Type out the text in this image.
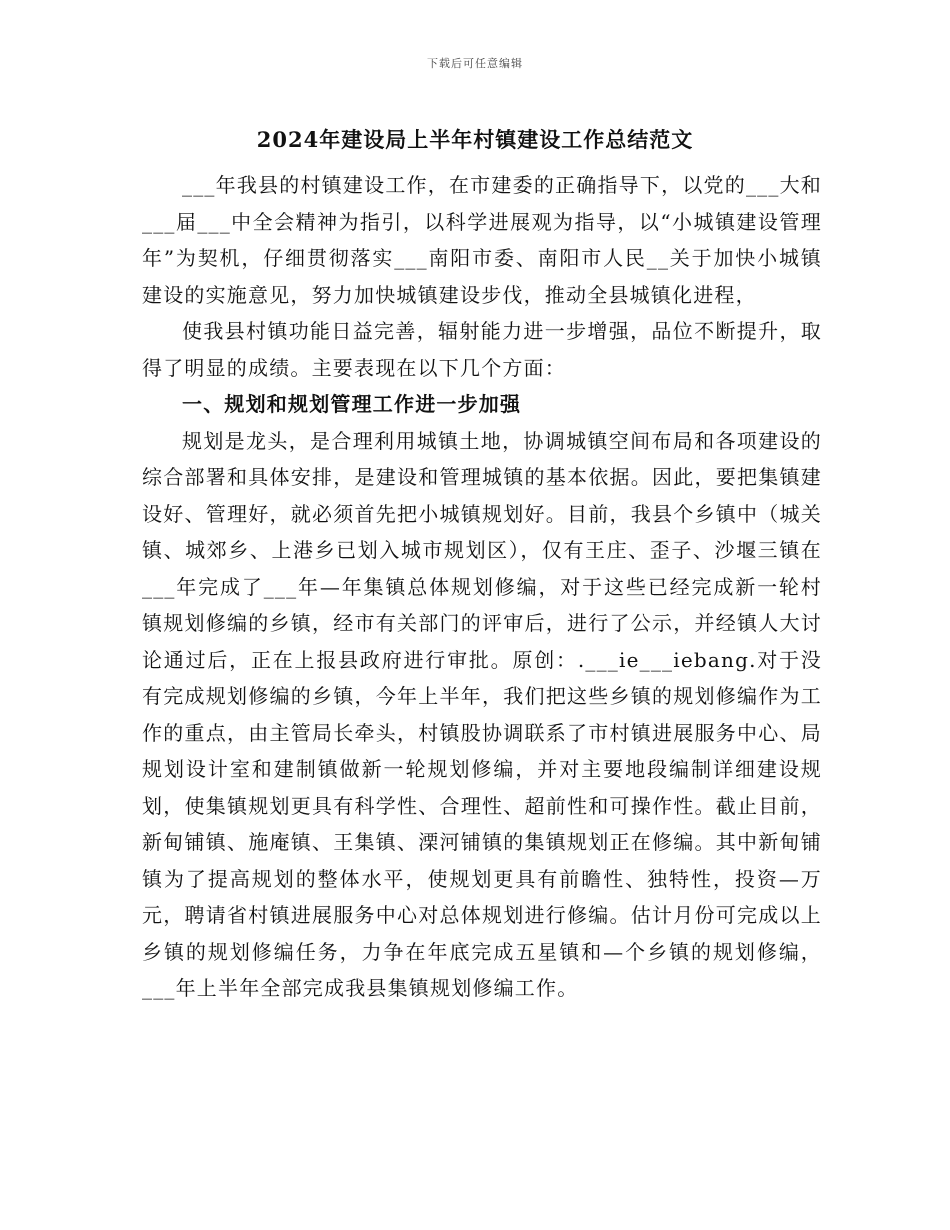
下载后可任意编辑
2024年建设局上半年村镇建设工作总结范文

___年我县的村镇建设工作，在市建委的正确指导下，以党的___大和___届___中全会精神为指引，以科学进展观为指导，以“小城镇建设管理年”为契机，仔细贯彻落实___南阳市委、南阳市人民__关于加快小城镇建设的实施意见，努力加快城镇建设步伐，推动全县城镇化进程，

使我县村镇功能日益完善，辐射能力进一步增强，品位不断提升，取得了明显的成绩。主要表现在以下几个方面：

一、规划和规划管理工作进一步加强

规划是龙头，是合理利用城镇土地，协调城镇空间布局和各项建设的综合部署和具体安排，是建设和管理城镇的基本依据。因此，要把集镇建设好、管理好，就必须首先把小城镇规划好。目前，我县个乡镇中（城关镇、城郊乡、上港乡已划入城市规划区），仅有王庄、歪子、沙堰三镇在___年完成了___年—年集镇总体规划修编，对于这些已经完成新一轮村镇规划修编的乡镇，经市有关部门的评审后，进行了公示，并经镇人大讨论通过后，正在上报县政府进行审批。原创：.___ie___iebang.对于没有完成规划修编的乡镇，今年上半年，我们把这些乡镇的规划修编作为工作的重点，由主管局长牵头，村镇股协调联系了市村镇进展服务中心、局规划设计室和建制镇做新一轮规划修编，并对主要地段编制详细建设规划，使集镇规划更具有科学性、合理性、超前性和可操作性。截止目前，新甸铺镇、施庵镇、王集镇、溧河铺镇的集镇规划正在修编。其中新甸铺镇为了提高规划的整体水平，使规划更具有前瞻性、独特性，投资—万元，聘请省村镇进展服务中心对总体规划进行修编。估计月份可完成以上乡镇的规划修编任务，力争在年底完成五星镇和—个乡镇的规划修编，___年上半年全部完成我县集镇规划修编工作。
